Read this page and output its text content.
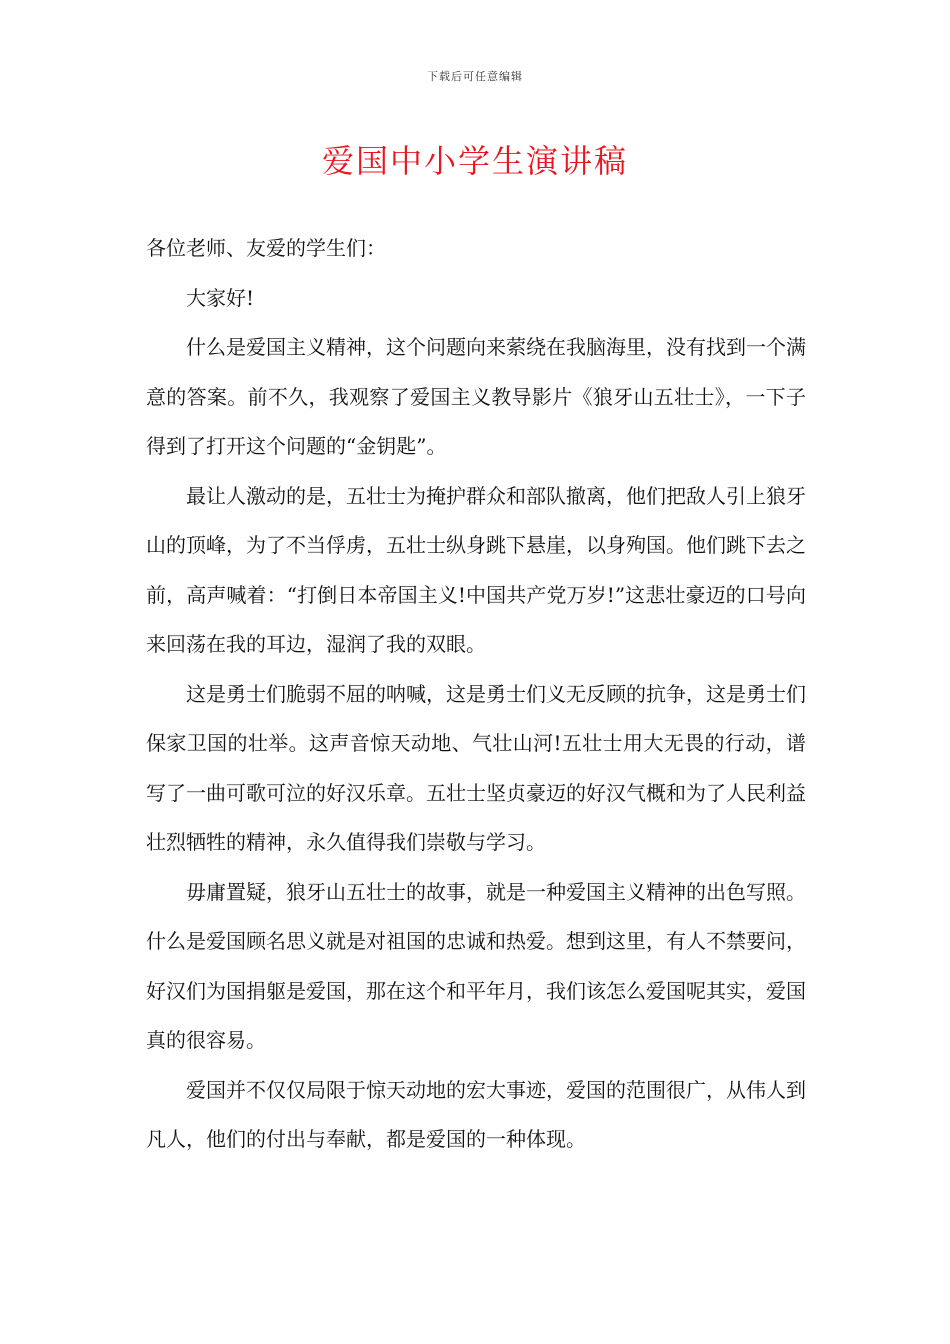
下载后可任意编辑
爱国中小学生演讲稿

各位老师、友爱的学生们：

大家好!

什么是爱国主义精神，这个问题向来萦绕在我脑海里，没有找到一个满意的答案。前不久，我观察了爱国主义教导影片《狼牙山五壮士》，一下子得到了打开这个问题的“金钥匙”。

最让人激动的是，五壮士为掩护群众和部队撤离，他们把敌人引上狼牙山的顶峰，为了不当俘虏，五壮士纵身跳下悬崖，以身殉国。他们跳下去之前，高声喊着：“打倒日本帝国主义!中国共产党万岁!”这悲壮豪迈的口号向来回荡在我的耳边，湿润了我的双眼。

这是勇士们脆弱不屈的呐喊，这是勇士们义无反顾的抗争，这是勇士们保家卫国的壮举。这声音惊天动地、气壮山河!五壮士用大无畏的行动，谱写了一曲可歌可泣的好汉乐章。五壮士坚贞豪迈的好汉气概和为了人民利益壮烈牺牲的精神，永久值得我们崇敬与学习。

毋庸置疑，狼牙山五壮士的故事，就是一种爱国主义精神的出色写照。什么是爱国顾名思义就是对祖国的忠诚和热爱。想到这里，有人不禁要问，好汉们为国捐躯是爱国，那在这个和平年月，我们该怎么爱国呢其实，爱国真的很容易。

爱国并不仅仅局限于惊天动地的宏大事迹，爱国的范围很广，从伟人到凡人，他们的付出与奉献，都是爱国的一种体现。
